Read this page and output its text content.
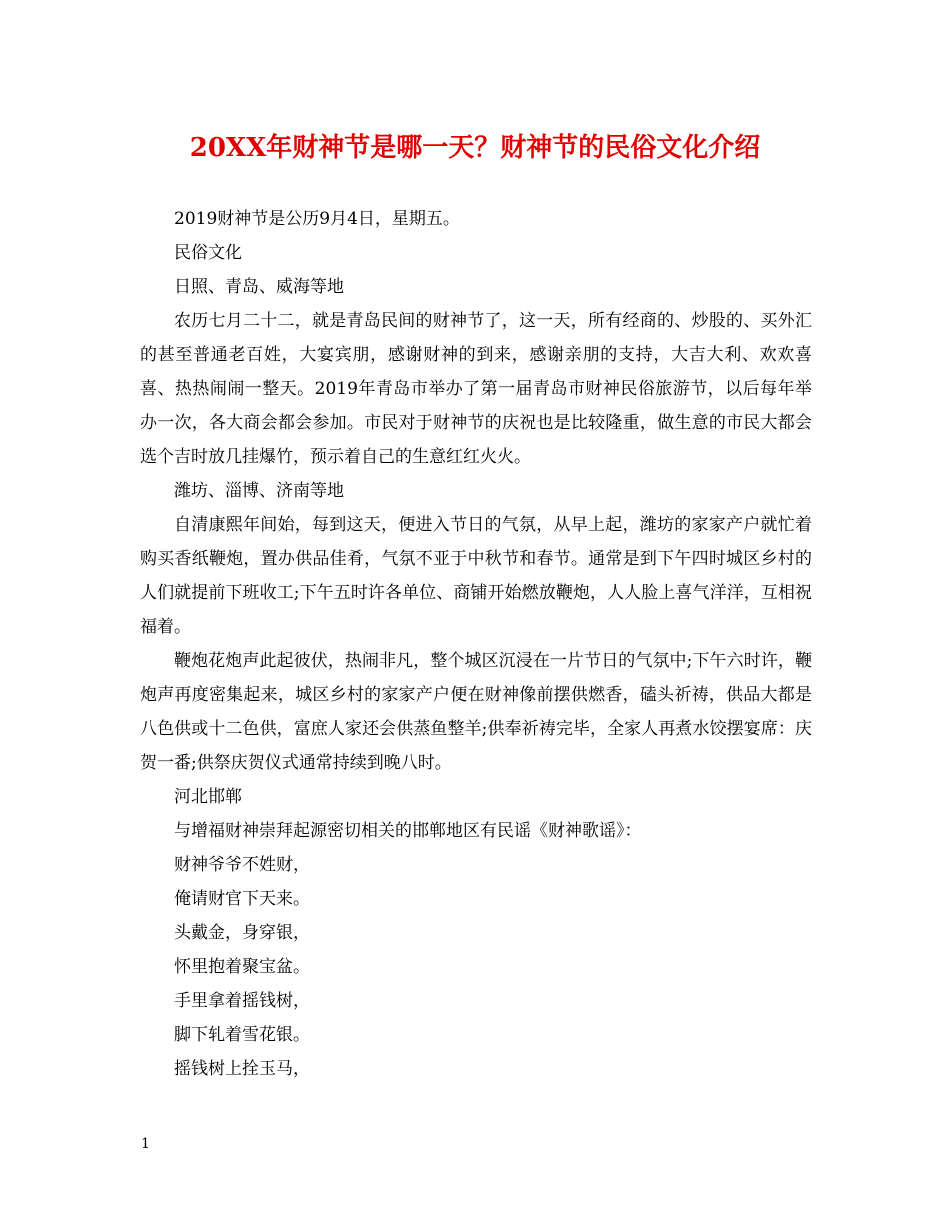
20XX年财神节是哪一天？财神节的民俗文化介绍

2019财神节是公历9月4日，星期五。

民俗文化

日照、青岛、威海等地

农历七月二十二，就是青岛民间的财神节了，这一天，所有经商的、炒股的、买外汇的甚至普通老百姓，大宴宾朋，感谢财神的到来，感谢亲朋的支持，大吉大利、欢欢喜喜、热热闹闹一整天。2019年青岛市举办了第一届青岛市财神民俗旅游节，以后每年举办一次，各大商会都会参加。市民对于财神节的庆祝也是比较隆重，做生意的市民大都会选个吉时放几挂爆竹，预示着自己的生意红红火火。

潍坊、淄博、济南等地

自清康熙年间始，每到这天，便进入节日的气氛，从早上起，潍坊的家家产户就忙着购买香纸鞭炮，置办供品佳肴，气氛不亚于中秋节和春节。通常是到下午四时城区乡村的人们就提前下班收工;下午五时许各单位、商铺开始燃放鞭炮，人人脸上喜气洋洋，互相祝福着。

鞭炮花炮声此起彼伏，热闹非凡，整个城区沉浸在一片节日的气氛中;下午六时许，鞭炮声再度密集起来，城区乡村的家家产户便在财神像前摆供燃香，磕头祈祷，供品大都是八色供或十二色供，富庶人家还会供蒸鱼整羊;供奉祈祷完毕，全家人再煮水饺摆宴席：庆贺一番;供祭庆贺仪式通常持续到晚八时。

河北邯郸

与增福财神崇拜起源密切相关的邯郸地区有民谣《财神歌谣》：

财神爷爷不姓财，

俺请财官下天来。

头戴金，身穿银，

怀里抱着聚宝盆。

手里拿着摇钱树，

脚下轧着雪花银。

摇钱树上拴玉马，

1
